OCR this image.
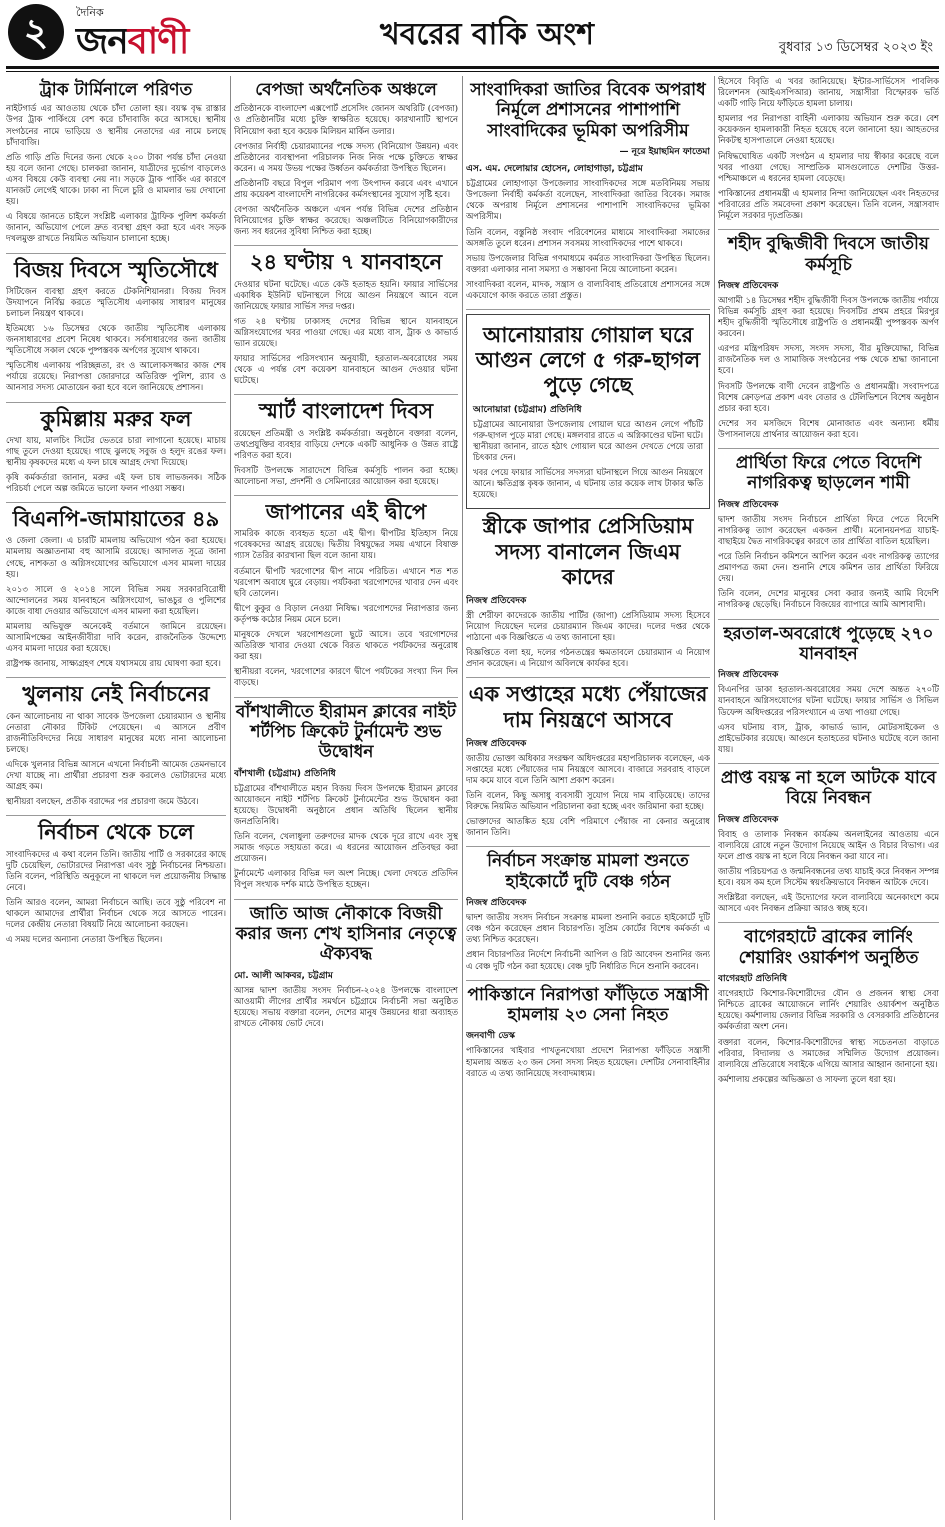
২	দৈনিক
জনবাণী	খবরের বাকি অংশ	বুধবার ১৩ ডিসেম্বর ২০২৩ ইং
ট্রাক টার্মিনালে পরিণত

নাইটগার্ড এর আওতায় থেকে চাঁদা তোলা হয়। বয়স্ক বৃদ্ধ রাস্তার উপর ট্রাক পার্কিংয়ে বেশ করে চাঁদাবাজি করে আসছে। স্থানীয় সংগঠনের নামে ভাড়িয়ে ও স্থানীয় নেতাদের এর নামে চলছে চাঁদাবাজি।

প্রতি গাড়ি প্রতি দিনের জন্য থেকে ২০০ টাকা পর্যন্ত চাঁদা নেওয়া হয় বলে জানা গেছে। চালকরা জানান, যাত্রীদের দুর্ভোগ বাড়লেও এসব বিষয়ে কেউ ব্যবস্থা নেয় না। সড়কে ট্রাক পার্কিং এর কারণে যানজট লেগেই থাকে। ঢাকা না দিলে চুরি ও মামলার ভয় দেখানো হয়।

এ বিষয়ে জানতে চাইলে সংশ্লিষ্ট এলাকার ট্রাফিক পুলিশ কর্মকর্তা জানান, অভিযোগ পেলে দ্রুত ব্যবস্থা গ্রহণ করা হবে এবং সড়ক দখলমুক্ত রাখতে নিয়মিত অভিযান চালানো হচ্ছে।

বিজয় দিবসে স্মৃতিসৌধে

সিটিজেন ব্যবস্থা গ্রহণ করতে টেকনিশিয়ানরা। বিজয় দিবস উদযাপনে নির্বিঘ্ন করতে স্মৃতিসৌধ এলাকায় সাধারণ মানুষের চলাচল নিয়ন্ত্রণ থাকবে।

ইতিমধ্যে ১৬ ডিসেম্বর থেকে জাতীয় স্মৃতিসৌধ এলাকায় জনসাধারণের প্রবেশ নিষেধ থাকবে। সর্বসাধারণের জন্য জাতীয় স্মৃতিসৌধে সকাল থেকে পুষ্পস্তবক অর্পণের সুযোগ থাকবে।

স্মৃতিসৌধ এলাকায় পরিচ্ছন্নতা, রং ও আলোকসজ্জার কাজ শেষ পর্যায়ে রয়েছে। নিরাপত্তা জোরদারে অতিরিক্ত পুলিশ, র‍্যাব ও আনসার সদস্য মোতায়েন করা হবে বলে জানিয়েছে প্রশাসন।

কুমিল্লায় মরুর ফল

দেখা যায়, মালচিং সিটের ভেতরে চারা লাগানো হয়েছে। মাচায় গাছ তুলে দেওয়া হয়েছে। গাছে ঝুলছে সবুজ ও হলুদ রঙের ফল। স্থানীয় কৃষকদের মধ্যে এ ফল চাষে আগ্রহ দেখা দিয়েছে।

কৃষি কর্মকর্তারা জানান, মরুর এই ফল চাষ লাভজনক। সঠিক পরিচর্যা পেলে অল্প জমিতে ভালো ফলন পাওয়া সম্ভব।

বিএনপি-জামায়াতের ৪৯

ও জেলা জেলা। এ চারটি মামলায় অভিযোগ গঠন করা হয়েছে। মামলায় অজ্ঞাতনামা বহু আসামি রয়েছে। আদালত সূত্রে জানা গেছে, নাশকতা ও অগ্নিসংযোগের অভিযোগে এসব মামলা দায়ের হয়।

২০১৩ সালে ও ২০১৪ সালে বিভিন্ন সময় সরকারবিরোধী আন্দোলনের সময় যানবাহনে অগ্নিসংযোগ, ভাঙচুর ও পুলিশের কাজে বাধা দেওয়ার অভিযোগে এসব মামলা করা হয়েছিল।

মামলায় অভিযুক্ত অনেকেই বর্তমানে জামিনে রয়েছেন। আসামিপক্ষের আইনজীবীরা দাবি করেন, রাজনৈতিক উদ্দেশ্যে এসব মামলা দায়ের করা হয়েছে।

রাষ্ট্রপক্ষ জানায়, সাক্ষ্যগ্রহণ শেষে যথাসময়ে রায় ঘোষণা করা হবে।

খুলনায় নেই নির্বাচনের

কেন আলোচনায় না থাকা সাবেক উপজেলা চেয়ারম্যান ও স্থানীয় নেতারা নৌকার টিকিট পেয়েছেন। এ আসনে প্রবীণ রাজনীতিবিদদের নিয়ে সাধারণ মানুষের মধ্যে নানা আলোচনা চলছে।

এদিকে খুলনার বিভিন্ন আসনে এখনো নির্বাচনী আমেজ তেমনভাবে দেখা যাচ্ছে না। প্রার্থীরা প্রচারণা শুরু করলেও ভোটারদের মধ্যে আগ্রহ কম।

স্থানীয়রা বলছেন, প্রতীক বরাদ্দের পর প্রচারণা জমে উঠবে।

নির্বাচন থেকে চলে

সাংবাদিকদের এ কথা বলেন তিনি। জাতীয় পার্টি ও সরকারের কাছে দুটি চেয়েছিল, ভোটারদের নিরাপত্তা এবং সুষ্ঠু নির্বাচনের নিশ্চয়তা। তিনি বলেন, পরিস্থিতি অনুকূলে না থাকলে দল প্রয়োজনীয় সিদ্ধান্ত নেবে।

তিনি আরও বলেন, আমরা নির্বাচনে আছি। তবে সুষ্ঠু পরিবেশ না থাকলে আমাদের প্রার্থীরা নির্বাচন থেকে সরে আসতে পারেন। দলের কেন্দ্রীয় নেতারা বিষয়টি নিয়ে আলোচনা করছেন।

এ সময় দলের অন্যান্য নেতারা উপস্থিত ছিলেন।

বেপজা অর্থনৈতিক অঞ্চলে

প্রতিষ্ঠানকে বাংলাদেশ এক্সপোর্ট প্রসেসিং জোনস অথরিটি (বেপজা) ও প্রতিষ্ঠানটির মধ্যে চুক্তি স্বাক্ষরিত হয়েছে। কারখানাটি স্থাপনে বিনিয়োগ করা হবে কয়েক মিলিয়ন মার্কিন ডলার।

বেপজার নির্বাহী চেয়ারম্যানের পক্ষে সদস্য (বিনিয়োগ উন্নয়ন) এবং প্রতিষ্ঠানের ব্যবস্থাপনা পরিচালক নিজ নিজ পক্ষে চুক্তিতে স্বাক্ষর করেন। এ সময় উভয় পক্ষের উর্ধ্বতন কর্মকর্তারা উপস্থিত ছিলেন।

প্রতিষ্ঠানটি বছরে বিপুল পরিমাণ পণ্য উৎপাদন করবে এবং এখানে প্রায় কয়েকশ বাংলাদেশি নাগরিকের কর্মসংস্থানের সুযোগ সৃষ্টি হবে।

বেপজা অর্থনৈতিক অঞ্চলে এখন পর্যন্ত বিভিন্ন দেশের প্রতিষ্ঠান বিনিয়োগের চুক্তি স্বাক্ষর করেছে। অঞ্চলটিতে বিনিয়োগকারীদের জন্য সব ধরনের সুবিধা নিশ্চিত করা হচ্ছে।

২৪ ঘণ্টায় ৭ যানবাহনে

দেওয়ার ঘটনা ঘটেছে। এতে কেউ হতাহত হয়নি। ফায়ার সার্ভিসের একাধিক ইউনিট ঘটনাস্থলে গিয়ে আগুন নিয়ন্ত্রণে আনে বলে জানিয়েছে ফায়ার সার্ভিস সদর দপ্তর।

গত ২৪ ঘণ্টায় ঢাকাসহ দেশের বিভিন্ন স্থানে যানবাহনে অগ্নিসংযোগের খবর পাওয়া গেছে। এর মধ্যে বাস, ট্রাক ও কাভার্ড ভ্যান রয়েছে।

ফায়ার সার্ভিসের পরিসংখ্যান অনুযায়ী, হরতাল-অবরোধের সময় থেকে এ পর্যন্ত বেশ কয়েকশ যানবাহনে আগুন দেওয়ার ঘটনা ঘটেছে।

স্মার্ট বাংলাদেশ দিবস

রয়েছেন প্রতিমন্ত্রী ও সংশ্লিষ্ট কর্মকর্তারা। অনুষ্ঠানে বক্তারা বলেন, তথ্যপ্রযুক্তির ব্যবহার বাড়িয়ে দেশকে একটি আধুনিক ও উন্নত রাষ্ট্রে পরিণত করা হবে।

দিবসটি উপলক্ষে সারাদেশে বিভিন্ন কর্মসূচি পালন করা হচ্ছে। আলোচনা সভা, প্রদর্শনী ও সেমিনারের আয়োজন করা হয়েছে।

জাপানের এই দ্বীপে

সামরিক কাজে ব্যবহৃত হতো এই দ্বীপ। দ্বীপটির ইতিহাস নিয়ে গবেষকদের আগ্রহ রয়েছে। দ্বিতীয় বিশ্বযুদ্ধের সময় এখানে বিষাক্ত গ্যাস তৈরির কারখানা ছিল বলে জানা যায়।

বর্তমানে দ্বীপটি খরগোশের দ্বীপ নামে পরিচিত। এখানে শত শত খরগোশ অবাধে ঘুরে বেড়ায়। পর্যটকরা খরগোশদের খাবার দেন এবং ছবি তোলেন।

দ্বীপে কুকুর ও বিড়াল নেওয়া নিষিদ্ধ। খরগোশদের নিরাপত্তার জন্য কর্তৃপক্ষ কঠোর নিয়ম মেনে চলে।

মানুষকে দেখলে খরগোশগুলো ছুটে আসে। তবে খরগোশদের অতিরিক্ত খাবার দেওয়া থেকে বিরত থাকতে পর্যটকদের অনুরোধ করা হয়।

স্থানীয়রা বলেন, খরগোশের কারণে দ্বীপে পর্যটকের সংখ্যা দিন দিন বাড়ছে।

বাঁশখালীতে হীরামন ক্লাবের নাইট শর্টপিচ ক্রিকেট টুর্নামেন্ট শুভ উদ্বোধন
বাঁশখালী (চট্টগ্রাম) প্রতিনিধি

চট্টগ্রামের বাঁশখালীতে মহান বিজয় দিবস উপলক্ষে হীরামন ক্লাবের আয়োজনে নাইট শর্টপিচ ক্রিকেট টুর্নামেন্টের শুভ উদ্বোধন করা হয়েছে। উদ্বোধনী অনুষ্ঠানে প্রধান অতিথি ছিলেন স্থানীয় জনপ্রতিনিধি।

তিনি বলেন, খেলাধুলা তরুণদের মাদক থেকে দূরে রাখে এবং সুস্থ সমাজ গড়তে সহায়তা করে। এ ধরনের আয়োজন প্রতিবছর করা প্রয়োজন।

টুর্নামেন্টে এলাকার বিভিন্ন দল অংশ নিচ্ছে। খেলা দেখতে প্রতিদিন বিপুল সংখ্যক দর্শক মাঠে উপস্থিত হচ্ছেন।

জাতি আজ নৌকাকে বিজয়ী করার জন্য শেখ হাসিনার নেতৃত্বে ঐক্যবদ্ধ
মো. আলী আকবর, চট্টগ্রাম

আসন্ন দ্বাদশ জাতীয় সংসদ নির্বাচন-২০২৪ উপলক্ষে বাংলাদেশ আওয়ামী লীগের প্রার্থীর সমর্থনে চট্টগ্রামে নির্বাচনী সভা অনুষ্ঠিত হয়েছে। সভায় বক্তারা বলেন, দেশের মানুষ উন্নয়নের ধারা অব্যাহত রাখতে নৌকায় ভোট দেবে।

সাংবাদিকরা জাতির বিবেক অপরাধ নির্মূলে প্রশাসনের পাশাপাশি সাংবাদিকের ভূমিকা অপরিসীম
— নূরে ইয়াছমিন ফাতেমা
এস. এম. দেলোয়ার হোসেন, লোহাগাড়া, চট্টগ্রাম

চট্টগ্রামের লোহাগাড়া উপজেলার সাংবাদিকদের সঙ্গে মতবিনিময় সভায় উপজেলা নির্বাহী কর্মকর্তা বলেছেন, সাংবাদিকরা জাতির বিবেক। সমাজ থেকে অপরাধ নির্মূলে প্রশাসনের পাশাপাশি সাংবাদিকদের ভূমিকা অপরিসীম।

তিনি বলেন, বস্তুনিষ্ঠ সংবাদ পরিবেশনের মাধ্যমে সাংবাদিকরা সমাজের অসঙ্গতি তুলে ধরেন। প্রশাসন সবসময় সাংবাদিকদের পাশে থাকবে।

সভায় উপজেলার বিভিন্ন গণমাধ্যমে কর্মরত সাংবাদিকরা উপস্থিত ছিলেন। বক্তারা এলাকার নানা সমস্যা ও সম্ভাবনা নিয়ে আলোচনা করেন।

সাংবাদিকরা বলেন, মাদক, সন্ত্রাস ও বাল্যবিবাহ প্রতিরোধে প্রশাসনের সঙ্গে একযোগে কাজ করতে তারা প্রস্তুত।

আনোয়ারায় গোয়াল ঘরে আগুন লেগে ৫ গরু-ছাগল পুড়ে গেছে
আনোয়ারা (চট্টগ্রাম) প্রতিনিধি

চট্টগ্রামের আনোয়ারা উপজেলায় গোয়াল ঘরে আগুন লেগে পাঁচটি গরু-ছাগল পুড়ে মারা গেছে। মঙ্গলবার রাতে এ অগ্নিকাণ্ডের ঘটনা ঘটে। স্থানীয়রা জানান, রাতে হঠাৎ গোয়াল ঘরে আগুন দেখতে পেয়ে তারা চিৎকার দেন।

খবর পেয়ে ফায়ার সার্ভিসের সদস্যরা ঘটনাস্থলে গিয়ে আগুন নিয়ন্ত্রণে আনে। ক্ষতিগ্রস্ত কৃষক জানান, এ ঘটনায় তার কয়েক লাখ টাকার ক্ষতি হয়েছে।

স্ত্রীকে জাপার প্রেসিডিয়াম সদস্য বানালেন জিএম কাদের
নিজস্ব প্রতিবেদক

স্ত্রী শেরীফা কাদেরকে জাতীয় পার্টির (জাপা) প্রেসিডিয়াম সদস্য হিসেবে নিয়োগ দিয়েছেন দলের চেয়ারম্যান জিএম কাদের। দলের দপ্তর থেকে পাঠানো এক বিজ্ঞপ্তিতে এ তথ্য জানানো হয়।

বিজ্ঞপ্তিতে বলা হয়, দলের গঠনতন্ত্রের ক্ষমতাবলে চেয়ারম্যান এ নিয়োগ প্রদান করেছেন। এ নিয়োগ অবিলম্বে কার্যকর হবে।

এক সপ্তাহের মধ্যে পেঁয়াজের দাম নিয়ন্ত্রণে আসবে
নিজস্ব প্রতিবেদক

জাতীয় ভোক্তা অধিকার সংরক্ষণ অধিদপ্তরের মহাপরিচালক বলেছেন, এক সপ্তাহের মধ্যে পেঁয়াজের দাম নিয়ন্ত্রণে আসবে। বাজারে সরবরাহ বাড়লে দাম কমে যাবে বলে তিনি আশা প্রকাশ করেন।

তিনি বলেন, কিছু অসাধু ব্যবসায়ী সুযোগ নিয়ে দাম বাড়িয়েছে। তাদের বিরুদ্ধে নিয়মিত অভিযান পরিচালনা করা হচ্ছে এবং জরিমানা করা হচ্ছে।

ভোক্তাদের আতঙ্কিত হয়ে বেশি পরিমাণে পেঁয়াজ না কেনার অনুরোধ জানান তিনি।

নির্বাচন সংক্রান্ত মামলা শুনতে হাইকোর্টে দুটি বেঞ্চ গঠন
নিজস্ব প্রতিবেদক

দ্বাদশ জাতীয় সংসদ নির্বাচন সংক্রান্ত মামলা শুনানি করতে হাইকোর্টে দুটি বেঞ্চ গঠন করেছেন প্রধান বিচারপতি। সুপ্রিম কোর্টের বিশেষ কর্মকর্তা এ তথ্য নিশ্চিত করেছেন।

প্রধান বিচারপতির নির্দেশে নির্বাচনী আপিল ও রিট আবেদন শুনানির জন্য এ বেঞ্চ দুটি গঠন করা হয়েছে। বেঞ্চ দুটি নির্ধারিত দিনে শুনানি করবেন।

পাকিস্তানে নিরাপত্তা ফাঁড়িতে সন্ত্রাসী হামলায় ২৩ সেনা নিহত
জনবাণী ডেস্ক

পাকিস্তানের খাইবার পাখতুনখোয়া প্রদেশে নিরাপত্তা ফাঁড়িতে সন্ত্রাসী হামলায় অন্তত ২৩ জন সেনা সদস্য নিহত হয়েছেন। দেশটির সেনাবাহিনীর বরাতে এ তথ্য জানিয়েছে সংবাদমাধ্যম।

হিসেবে বিবৃতি এ খবর জানিয়েছে। ইন্টার-সার্ভিসেস পাবলিক রিলেশনস (আইএসপিআর) জানায়, সন্ত্রাসীরা বিস্ফোরক ভর্তি একটি গাড়ি নিয়ে ফাঁড়িতে হামলা চালায়।

হামলার পর নিরাপত্তা বাহিনী এলাকায় অভিযান শুরু করে। বেশ কয়েকজন হামলাকারী নিহত হয়েছে বলে জানানো হয়। আহতদের নিকটস্থ হাসপাতালে নেওয়া হয়েছে।

নিষিদ্ধঘোষিত একটি সংগঠন এ হামলার দায় স্বীকার করেছে বলে খবর পাওয়া গেছে। সাম্প্রতিক মাসগুলোতে দেশটির উত্তর-পশ্চিমাঞ্চলে এ ধরনের হামলা বেড়েছে।

পাকিস্তানের প্রধানমন্ত্রী এ হামলার নিন্দা জানিয়েছেন এবং নিহতদের পরিবারের প্রতি সমবেদনা প্রকাশ করেছেন। তিনি বলেন, সন্ত্রাসবাদ নির্মূলে সরকার দৃঢ়প্রতিজ্ঞ।

শহীদ বুদ্ধিজীবী দিবসে জাতীয় কর্মসূচি
নিজস্ব প্রতিবেদক

আগামী ১৪ ডিসেম্বর শহীদ বুদ্ধিজীবী দিবস উপলক্ষে জাতীয় পর্যায়ে বিভিন্ন কর্মসূচি গ্রহণ করা হয়েছে। দিবসটির প্রথম প্রহরে মিরপুর শহীদ বুদ্ধিজীবী স্মৃতিসৌধে রাষ্ট্রপতি ও প্রধানমন্ত্রী পুষ্পস্তবক অর্পণ করবেন।

এরপর মন্ত্রিপরিষদ সদস্য, সংসদ সদস্য, বীর মুক্তিযোদ্ধা, বিভিন্ন রাজনৈতিক দল ও সামাজিক সংগঠনের পক্ষ থেকে শ্রদ্ধা জানানো হবে।

দিবসটি উপলক্ষে বাণী দেবেন রাষ্ট্রপতি ও প্রধানমন্ত্রী। সংবাদপত্রে বিশেষ ক্রোড়পত্র প্রকাশ এবং বেতার ও টেলিভিশনে বিশেষ অনুষ্ঠান প্রচার করা হবে।

দেশের সব মসজিদে বিশেষ মোনাজাত এবং অন্যান্য ধর্মীয় উপাসনালয়ে প্রার্থনার আয়োজন করা হবে।

প্রার্থিতা ফিরে পেতে বিদেশি নাগরিকত্ব ছাড়লেন শামী
নিজস্ব প্রতিবেদক

দ্বাদশ জাতীয় সংসদ নির্বাচনে প্রার্থিতা ফিরে পেতে বিদেশি নাগরিকত্ব ত্যাগ করেছেন একজন প্রার্থী। মনোনয়নপত্র যাচাই-বাছাইয়ে দ্বৈত নাগরিকত্বের কারণে তার প্রার্থিতা বাতিল হয়েছিল।

পরে তিনি নির্বাচন কমিশনে আপিল করেন এবং নাগরিকত্ব ত্যাগের প্রমাণপত্র জমা দেন। শুনানি শেষে কমিশন তার প্রার্থিতা ফিরিয়ে দেয়।

তিনি বলেন, দেশের মানুষের সেবা করার জন্যই আমি বিদেশি নাগরিকত্ব ছেড়েছি। নির্বাচনে বিজয়ের ব্যাপারে আমি আশাবাদী।

হরতাল-অবরোধে পুড়েছে ২৭০ যানবাহন
নিজস্ব প্রতিবেদক

বিএনপির ডাকা হরতাল-অবরোধের সময় দেশে অন্তত ২৭০টি যানবাহনে অগ্নিসংযোগের ঘটনা ঘটেছে। ফায়ার সার্ভিস ও সিভিল ডিফেন্স অধিদপ্তরের পরিসংখ্যানে এ তথ্য পাওয়া গেছে।

এসব ঘটনায় বাস, ট্রাক, কাভার্ড ভ্যান, মোটরসাইকেল ও প্রাইভেটকার রয়েছে। আগুনে হতাহতের ঘটনাও ঘটেছে বলে জানা যায়।

প্রাপ্ত বয়স্ক না হলে আটকে যাবে বিয়ে নিবন্ধন
নিজস্ব প্রতিবেদক

বিবাহ ও তালাক নিবন্ধন কার্যক্রম অনলাইনের আওতায় এনে বাল্যবিয়ে রোধে নতুন উদ্যোগ নিয়েছে আইন ও বিচার বিভাগ। এর ফলে প্রাপ্ত বয়স্ক না হলে বিয়ে নিবন্ধন করা যাবে না।

জাতীয় পরিচয়পত্র ও জন্মনিবন্ধনের তথ্য যাচাই করে নিবন্ধন সম্পন্ন হবে। বয়স কম হলে সিস্টেম স্বয়ংক্রিয়ভাবে নিবন্ধন আটকে দেবে।

সংশ্লিষ্টরা বলছেন, এই উদ্যোগের ফলে বাল্যবিয়ে অনেকাংশে কমে আসবে এবং নিবন্ধন প্রক্রিয়া আরও স্বচ্ছ হবে।

বাগেরহাটে ব্রাকের লার্নিং শেয়ারিং ওয়ার্কশপ অনুষ্ঠিত
বাগেরহাট প্রতিনিধি

বাগেরহাটে কিশোর-কিশোরীদের যৌন ও প্রজনন স্বাস্থ্য সেবা নিশ্চিতে ব্রাকের আয়োজনে লার্নিং শেয়ারিং ওয়ার্কশপ অনুষ্ঠিত হয়েছে। কর্মশালায় জেলার বিভিন্ন সরকারি ও বেসরকারি প্রতিষ্ঠানের কর্মকর্তারা অংশ নেন।

বক্তারা বলেন, কিশোর-কিশোরীদের স্বাস্থ্য সচেতনতা বাড়াতে পরিবার, বিদ্যালয় ও সমাজের সম্মিলিত উদ্যোগ প্রয়োজন। বাল্যবিয়ে প্রতিরোধে সবাইকে এগিয়ে আসার আহ্বান জানানো হয়।

কর্মশালায় প্রকল্পের অভিজ্ঞতা ও সাফল্য তুলে ধরা হয়।
